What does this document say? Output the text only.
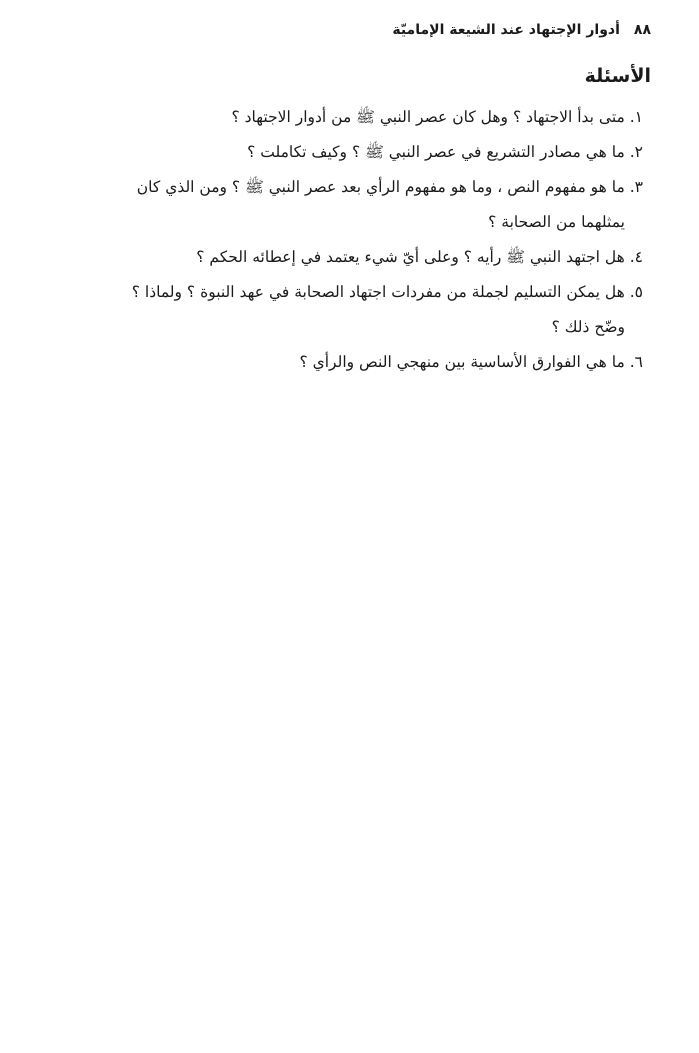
٨٨
أدوار الإجتهاد عند الشيعة الإماميّة
الأسئلة
١. متى بدأ الاجتهاد ؟ وهل كان عصر النبي ﷺ من أدوار الاجتهاد ؟
٢. ما هي مصادر التشريع في عصر النبي ﷺ ؟ وكيف تكاملت ؟
٣. ما هو مفهوم النص ، وما هو مفهوم الرأي بعد عصر النبي ﷺ ؟ ومن الذي كان
يمثلهما من الصحابة ؟
٤. هل اجتهد النبي ﷺ رأيه ؟ وعلى أيّ شيء يعتمد في إعطائه الحكم ؟
٥. هل يمكن التسليم لجملة من مفردات اجتهاد الصحابة في عهد النبوة ؟ ولماذا ؟
وضّح ذلك ؟
٦. ما هي الفوارق الأساسية بين منهجي النص والرأي ؟
